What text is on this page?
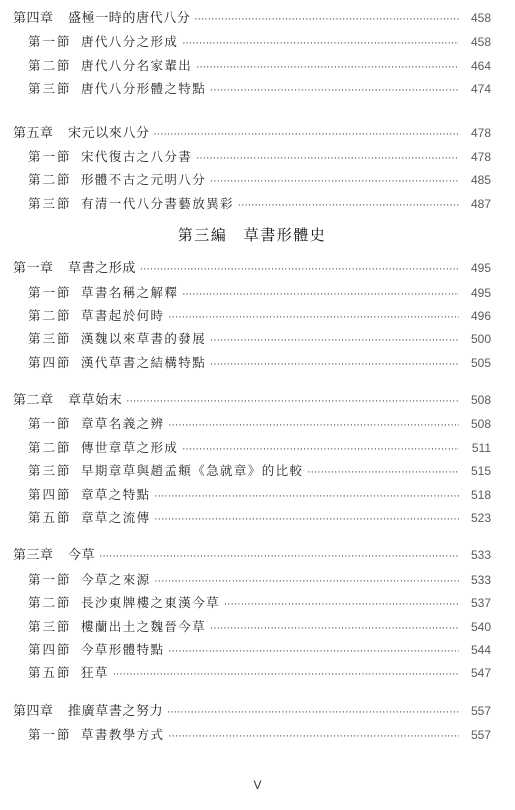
第四章	盛極一時的唐代八分 ·····	458
第一節 唐代八分之形成 ·····	458
第二節 唐代八分名家輩出 ·····	464
第三節 唐代八分形體之特點 ·····	474
第五章	宋元以來八分 ·····	478
第一節 宋代復古之八分書 ·····	478
第二節 形體不古之元明八分 ·····	485
第三節 有清一代八分書藝放異彩 ·····	487
第三編　草書形體史
第一章	草書之形成 ·····	495
第一節 草書名稱之解釋 ·····	495
第二節 草書起於何時 ·····	496
第三節 漢魏以來草書的發展 ·····	500
第四節 漢代草書之結構特點 ·····	505
第二章	章草始末 ·····	508
第一節 章草名義之辨 ·····	508
第二節 傳世章草之形成 ·····	511
第三節 早期章草與趙孟頫《急就章》的比較 ·····	515
第四節 章草之特點 ·····	518
第五節 章草之流傳 ·····	523
第三章	今草 ·····	533
第一節 今草之來源 ·····	533
第二節 長沙東牌樓之東漢今草 ·····	537
第三節 樓蘭出土之魏晉今草 ·····	540
第四節 今草形體特點 ·····	544
第五節 狂草 ·····	547
第四章	推廣草書之努力 ·····	557
第一節 草書教學方式 ·····	557
V
